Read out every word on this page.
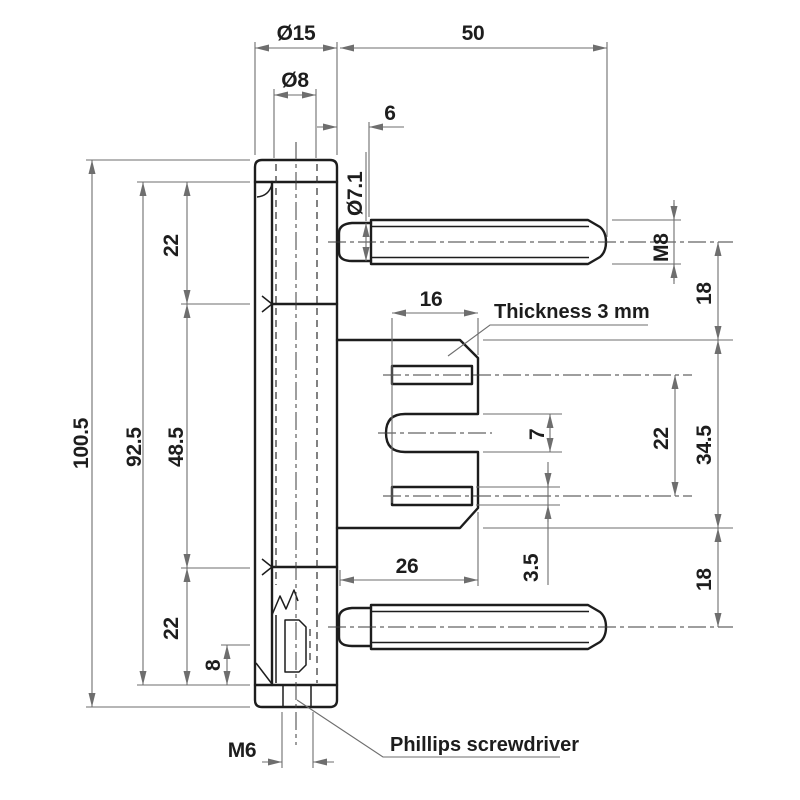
Ø15	50
Ø8
6
Ø7.1
M8
18
22
16
100.5 92.5 48.5	7	22 34.5
3.5
26
18
22
8
M6
Thickness 3 mm
Phillips screwdriver
